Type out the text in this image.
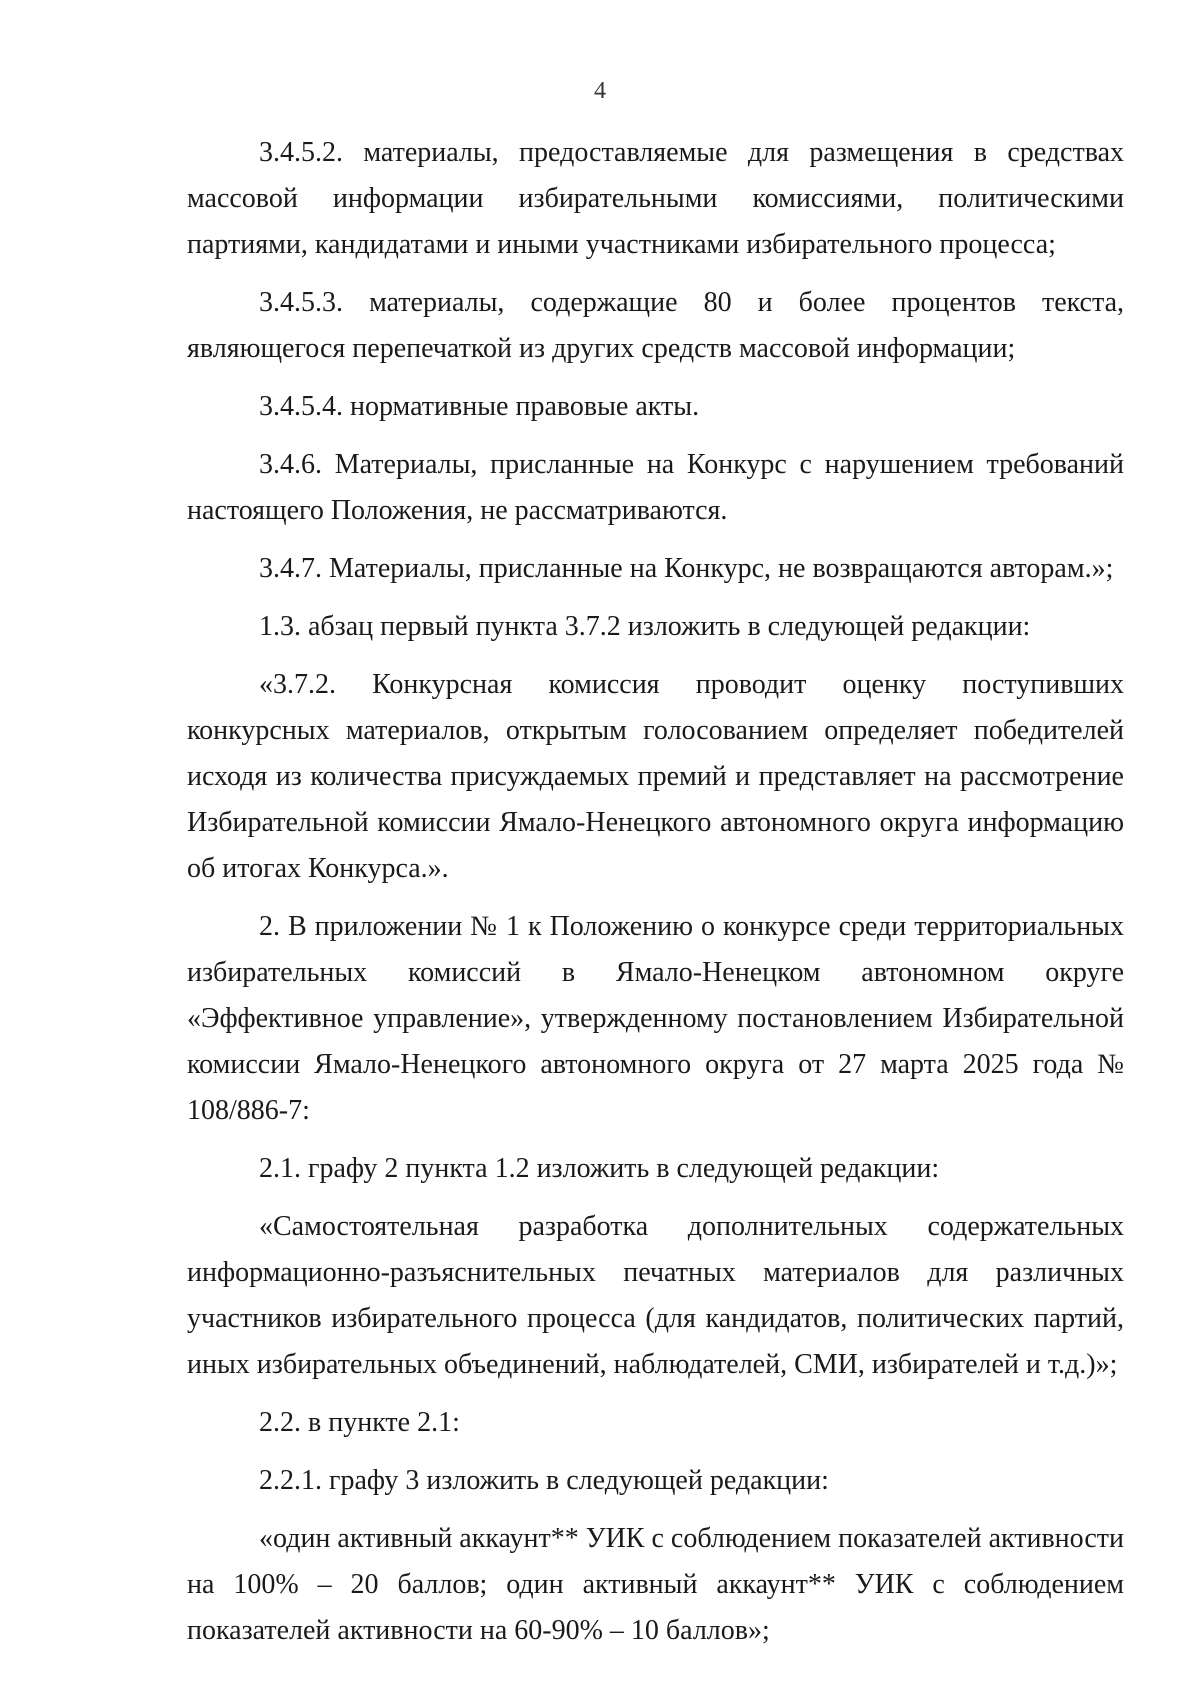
4

3.4.5.2. материалы, предоставляемые для размещения в средствах массовой информации избирательными комиссиями, политическими партиями, кандидатами и иными участниками избирательного процесса;

3.4.5.3. материалы, содержащие 80 и более процентов текста, являющегося перепечаткой из других средств массовой информации;

3.4.5.4. нормативные правовые акты.

3.4.6. Материалы, присланные на Конкурс с нарушением требований настоящего Положения, не рассматриваются.

3.4.7. Материалы, присланные на Конкурс, не возвращаются авторам.»;

1.3. абзац первый пункта 3.7.2 изложить в следующей редакции:

«3.7.2. Конкурсная комиссия проводит оценку поступивших конкурсных материалов, открытым голосованием определяет победителей исходя из количества присуждаемых премий и представляет на рассмотрение Избирательной комиссии Ямало-Ненецкого автономного округа информацию об итогах Конкурса.».

2. В приложении № 1 к Положению о конкурсе среди территориальных избирательных комиссий в Ямало-Ненецком автономном округе «Эффективное управление», утвержденному постановлением Избирательной комиссии Ямало-Ненецкого автономного округа от 27 марта 2025 года № 108/886-7:

2.1. графу 2 пункта 1.2 изложить в следующей редакции:

«Самостоятельная разработка дополнительных содержательных информационно-разъяснительных печатных материалов для различных участников избирательного процесса (для кандидатов, политических партий, иных избирательных объединений, наблюдателей, СМИ, избирателей и т.д.)»;

2.2. в пункте 2.1:

2.2.1. графу 3 изложить в следующей редакции:

«один активный аккаунт** УИК с соблюдением показателей активности на 100% – 20 баллов; один активный аккаунт** УИК с соблюдением показателей активности на 60-90% – 10 баллов»;
